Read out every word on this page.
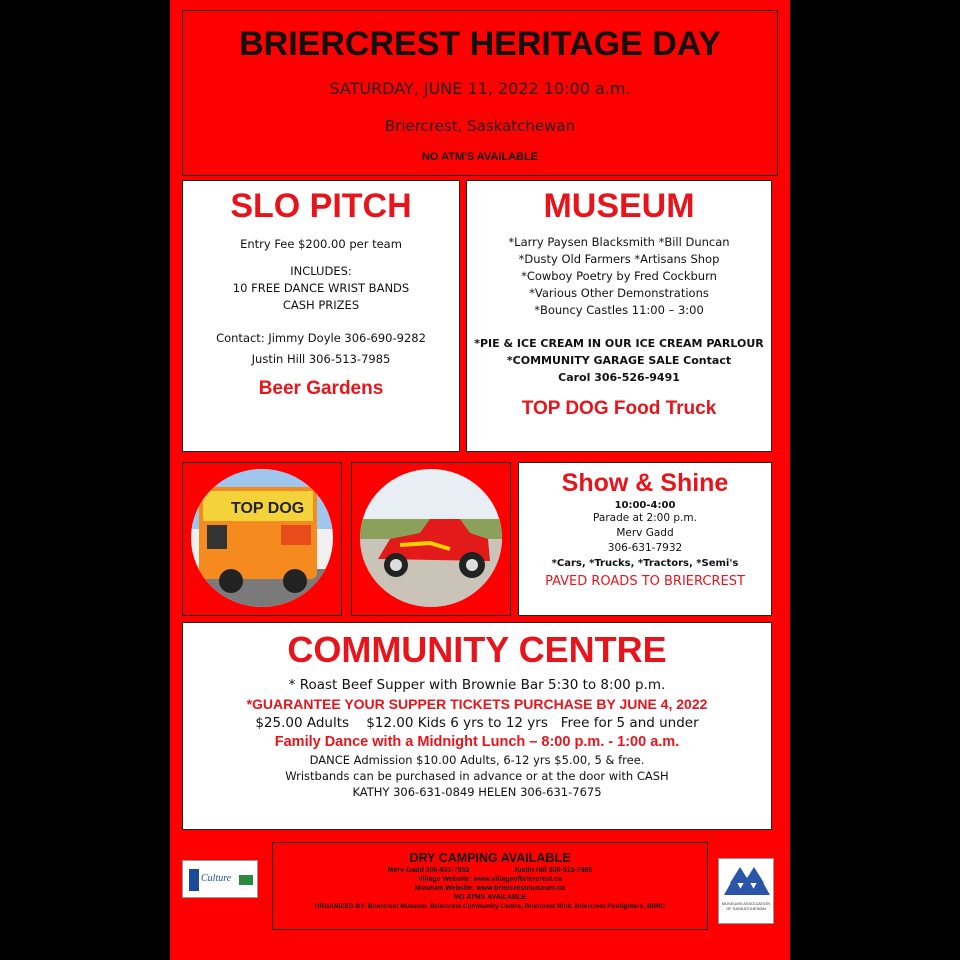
BRIERCREST HERITAGE DAY
SATURDAY, JUNE 11, 2022 10:00 a.m.
Briercrest, Saskatchewan
NO ATM'S AVAILABLE
SLO PITCH
Entry Fee $200.00 per team
INCLUDES:
10 FREE DANCE WRIST BANDS
CASH PRIZES
Contact: Jimmy Doyle 306-690-9282
Justin Hill 306-513-7985
Beer Gardens
MUSEUM
*Larry Paysen Blacksmith *Bill Duncan
*Dusty Old Farmers *Artisans Shop
*Cowboy Poetry by Fred Cockburn
*Various Other Demonstrations
*Bouncy Castles 11:00 – 3:00
*PIE & ICE CREAM IN OUR ICE CREAM PARLOUR
*COMMUNITY GARAGE SALE Contact
Carol 306-526-9491
TOP DOG Food Truck
TOP DOG
Show & Shine
10:00-4:00
Parade at 2:00 p.m.
Merv Gadd
306-631-7932
*Cars, *Trucks, *Tractors, *Semi's
PAVED ROADS TO BRIERCREST
COMMUNITY CENTRE
* Roast Beef Supper with Brownie Bar 5:30 to 8:00 p.m.
*GUARANTEE YOUR SUPPER TICKETS PURCHASE BY JUNE 4, 2022
$25.00 Adults    $12.00 Kids 6 yrs to 12 yrs   Free for 5 and under
Family Dance with a Midnight Lunch – 8:00 p.m. - 1:00 a.m.
DANCE Admission $10.00 Adults, 6-12 yrs $5.00, 5 & free.
Wristbands can be purchased in advance or at the door with CASH
KATHY 306-631-0849 HELEN 306-631-7675
Culture
DRY CAMPING AVAILABLE
Merv Gadd 306-631-7932	Justin Hill 306-513-7985
Village Website: www.villageofbriercrest.ca
Museum Website: www.briercrestmuseum.ca
NO ATMS AVAILABLE
ORGANIZED BY: Briercrest Museum, Briercrest Community Centre, Briercrest Rink, Briercrest Firefighters, BRRC	MUSEUMS ASSOCIATION OF SASKATCHEWAN
